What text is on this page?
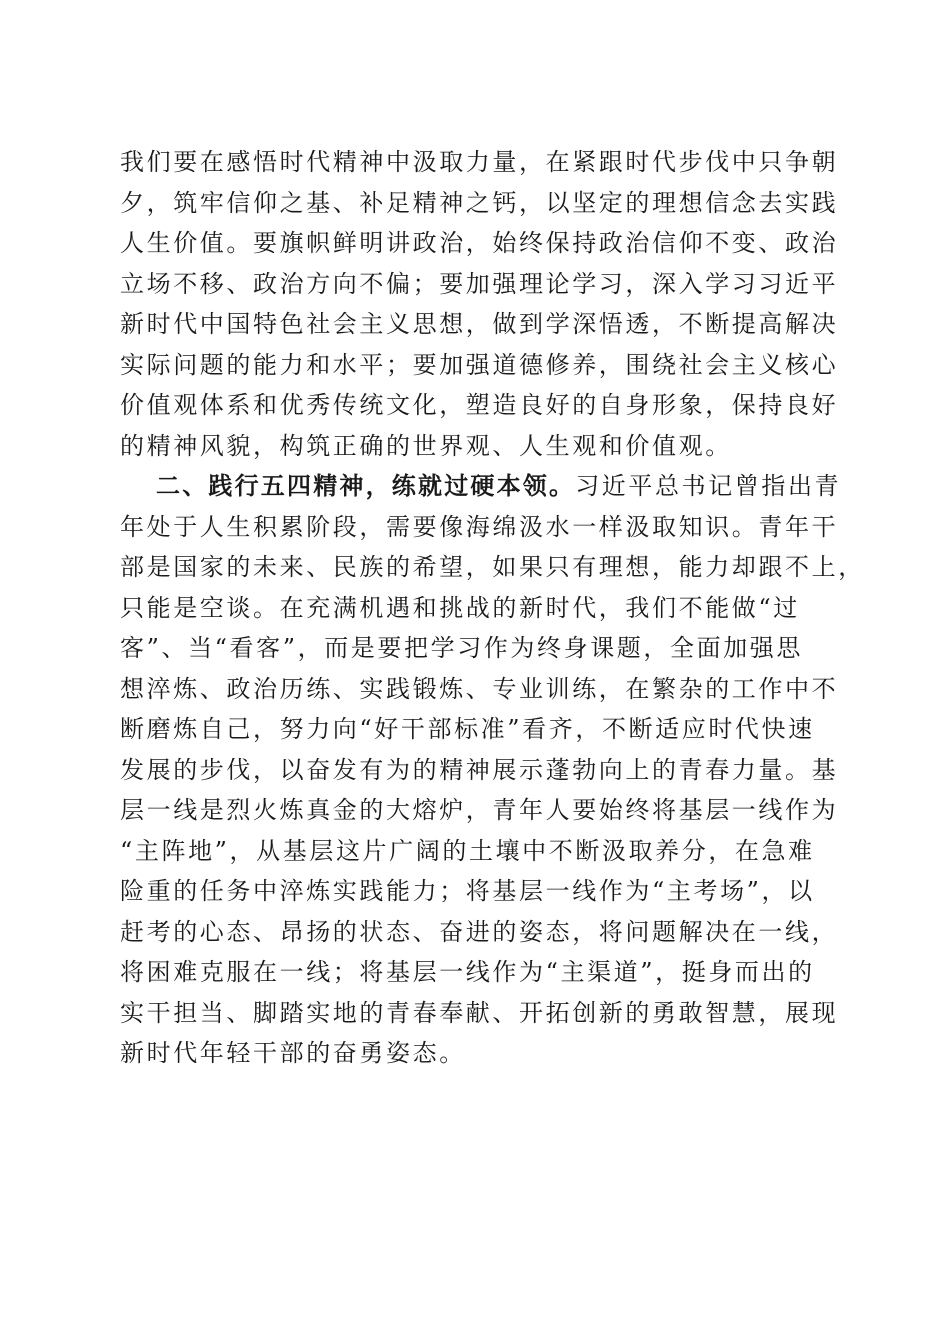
我们要在感悟时代精神中汲取力量，在紧跟时代步伐中只争朝
夕，筑牢信仰之基、补足精神之钙，以坚定的理想信念去实践
人生价值。要旗帜鲜明讲政治，始终保持政治信仰不变、政治
立场不移、政治方向不偏；要加强理论学习，深入学习习近平
新时代中国特色社会主义思想，做到学深悟透，不断提高解决
实际问题的能力和水平；要加强道德修养，围绕社会主义核心
价值观体系和优秀传统文化，塑造良好的自身形象，保持良好
的精神风貌，构筑正确的世界观、人生观和价值观。
二、践行五四精神，练就过硬本领。习近平总书记曾指出青
年处于人生积累阶段，需要像海绵汲水一样汲取知识。青年干
部是国家的未来、民族的希望，如果只有理想，能力却跟不上，
只能是空谈。在充满机遇和挑战的新时代，我们不能做“过
客”、当“看客”，而是要把学习作为终身课题，全面加强思
想淬炼、政治历练、实践锻炼、专业训练，在繁杂的工作中不
断磨炼自己，努力向“好干部标准”看齐，不断适应时代快速
发展的步伐，以奋发有为的精神展示蓬勃向上的青春力量。基
层一线是烈火炼真金的大熔炉，青年人要始终将基层一线作为
“主阵地”，从基层这片广阔的土壤中不断汲取养分，在急难
险重的任务中淬炼实践能力；将基层一线作为“主考场”，以
赶考的心态、昂扬的状态、奋进的姿态，将问题解决在一线，
将困难克服在一线；将基层一线作为“主渠道”，挺身而出的
实干担当、脚踏实地的青春奉献、开拓创新的勇敢智慧，展现
新时代年轻干部的奋勇姿态。
